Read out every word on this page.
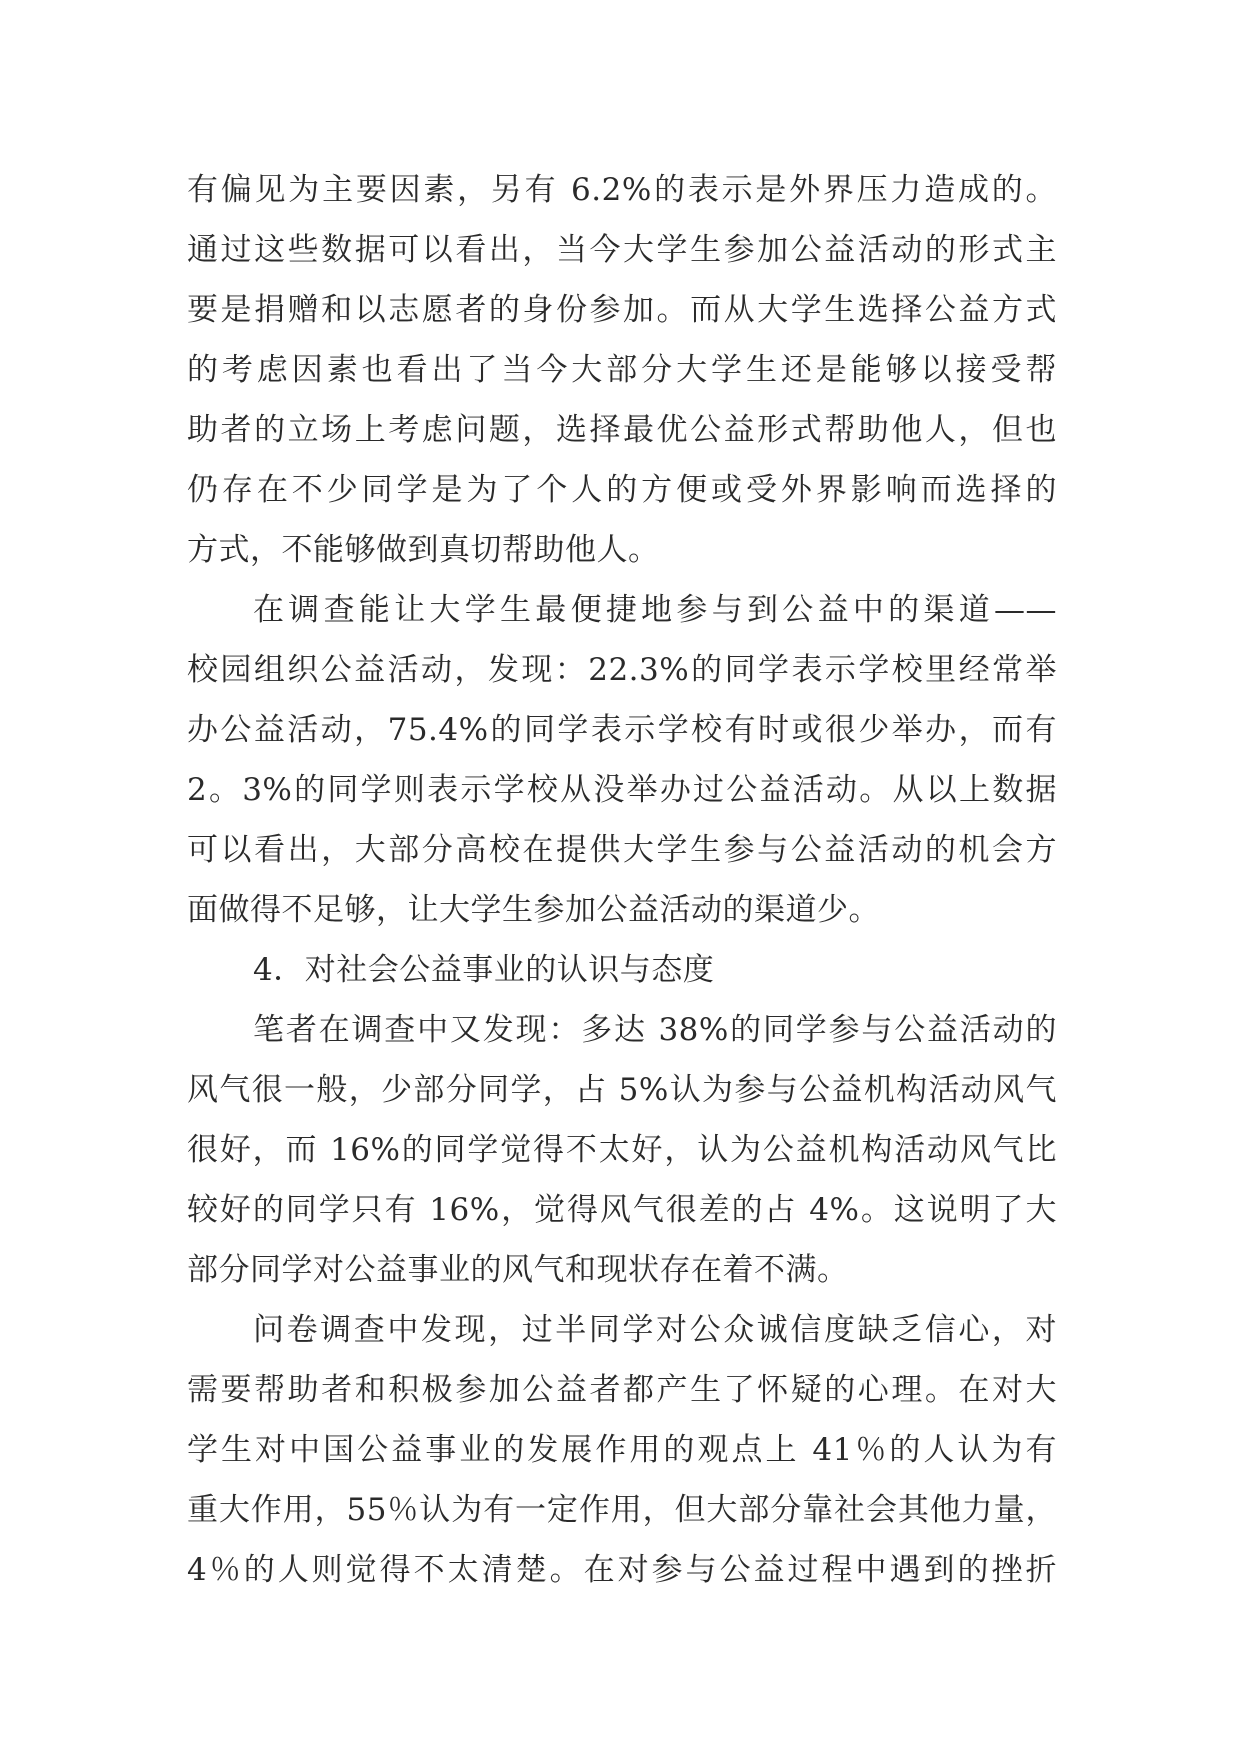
有偏见为主要因素，另有 6.2%的表示是外界压力造成的。
通过这些数据可以看出，当今大学生参加公益活动的形式主
要是捐赠和以志愿者的身份参加。而从大学生选择公益方式
的考虑因素也看出了当今大部分大学生还是能够以接受帮
助者的立场上考虑问题，选择最优公益形式帮助他人，但也
仍存在不少同学是为了个人的方便或受外界影响而选择的
方式，不能够做到真切帮助他人。
在调查能让大学生最便捷地参与到公益中的渠道——
校园组织公益活动，发现：22.3%的同学表示学校里经常举
办公益活动，75.4%的同学表示学校有时或很少举办，而有
2。3%的同学则表示学校从没举办过公益活动。从以上数据
可以看出，大部分高校在提供大学生参与公益活动的机会方
面做得不足够，让大学生参加公益活动的渠道少。
4．对社会公益事业的认识与态度
笔者在调查中又发现：多达 38%的同学参与公益活动的
风气很一般，少部分同学，占 5%认为参与公益机构活动风气
很好，而 16%的同学觉得不太好，认为公益机构活动风气比
较好的同学只有 16%，觉得风气很差的占 4%。这说明了大
部分同学对公益事业的风气和现状存在着不满。
问卷调查中发现，过半同学对公众诚信度缺乏信心，对
需要帮助者和积极参加公益者都产生了怀疑的心理。在对大
学生对中国公益事业的发展作用的观点上 41％的人认为有
重大作用，55％认为有一定作用，但大部分靠社会其他力量，
4％的人则觉得不太清楚。在对参与公益过程中遇到的挫折
